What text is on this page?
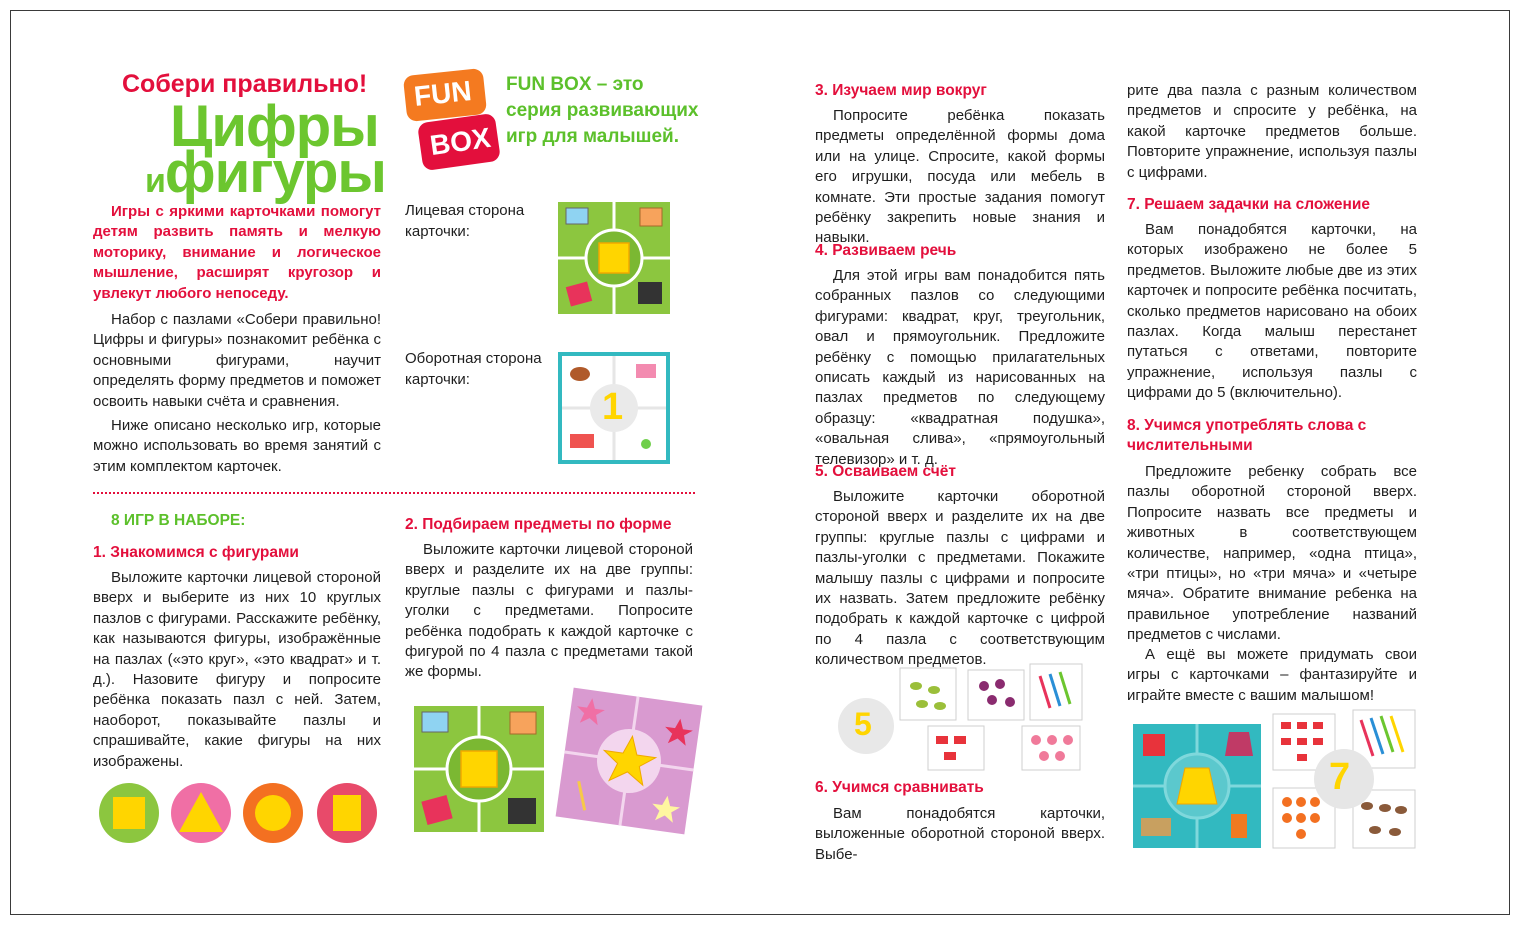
Собери правильно!
Цифры
ифигуры
FUN
BOX
FUN BOX – это
серия развивающих
игр для малышей.
Игры с яркими карточками помогут детям развить память и мелкую моторику, внимание и логическое мышление, расширят кругозор и увлекут любого непоседу.

Набор с пазлами «Собери правильно! Цифры и фигуры» познакомит ребёнка с основными фигурами, научит определять форму предметов и поможет освоить навыки счёта и сравнения.

Ниже описано несколько игр, которые можно использовать во время занятий с этим комплектом карточек.

Лицевая сторона
карточки:
Оборотная сторона
карточки:
1
8 ИГР В НАБОРЕ:
1. Знакомимся с фигурами

Выложите карточки лицевой стороной вверх и выберите из них 10 круглых пазлов с фигурами. Расскажите ребёнку, как называются фигуры, изображённые на пазлах («это круг», «это квадрат» и т. д.). Назовите фигуру и попросите ребёнка показать пазл с ней. Затем, наоборот, показывайте пазлы и спрашивайте, какие фигуры на них изображены.

2. Подбираем предметы по форме

Выложите карточки лицевой стороной вверх и разделите их на две группы: круглые пазлы с фигурами и пазлы-уголки с предметами. Попросите ребёнка подобрать к каждой карточке с фигурой по 4 пазла с предметами такой же формы.

3. Изучаем мир вокруг

Попросите ребёнка показать предметы определённой формы дома или на улице. Спросите, какой формы его игрушки, посуда или мебель в комнате. Эти простые задания помогут ребёнку закрепить новые знания и навыки.

4. Развиваем речь

Для этой игры вам понадобится пять собранных пазлов со следующими фигурами: квадрат, круг, треугольник, овал и прямоугольник. Предложите ребёнку с помощью прилагательных описать каждый из нарисованных на пазлах предметов по следующему образцу: «квадратная подушка», «овальная слива», «прямоугольный телевизор» и т. д.

5. Осваиваем счёт

Выложите карточки оборотной стороной вверх и разделите их на две группы: круглые пазлы с цифрами и пазлы-уголки с предметами. Покажите малышу пазлы с цифрами и попросите их назвать. Затем предложите ребёнку подобрать к каждой карточке с цифрой по 4 пазла с соответствующим количеством предметов.

5
6. Учимся сравнивать

Вам понадобятся карточки, выложенные оборотной стороной вверх. Выбе-

рите два пазла с разным количеством предметов и спросите у ребёнка, на какой карточке предметов больше. Повторите упражнение, используя пазлы с цифрами.
7. Решаем задачки на сложение

Вам понадобятся карточки, на которых изображено не более 5 предметов. Выложите любые две из этих карточек и попросите ребёнка посчитать, сколько предметов нарисовано на обоих пазлах. Когда малыш перестанет путаться с ответами, повторите упражнение, используя пазлы с цифрами до 5 (включительно).

8. Учимся употреблять слова с числительными

Предложите ребенку собрать все пазлы оборотной стороной вверх. Попросите назвать все предметы и животных в соответствующем количестве, например, «одна птица», «три птицы», но «три мяча» и «четыре мяча». Обратите внимание ребенка на правильное употребление названий предметов с числами.

А ещё вы можете придумать свои игры с карточками – фантазируйте и играйте вместе с вашим малышом!

7
